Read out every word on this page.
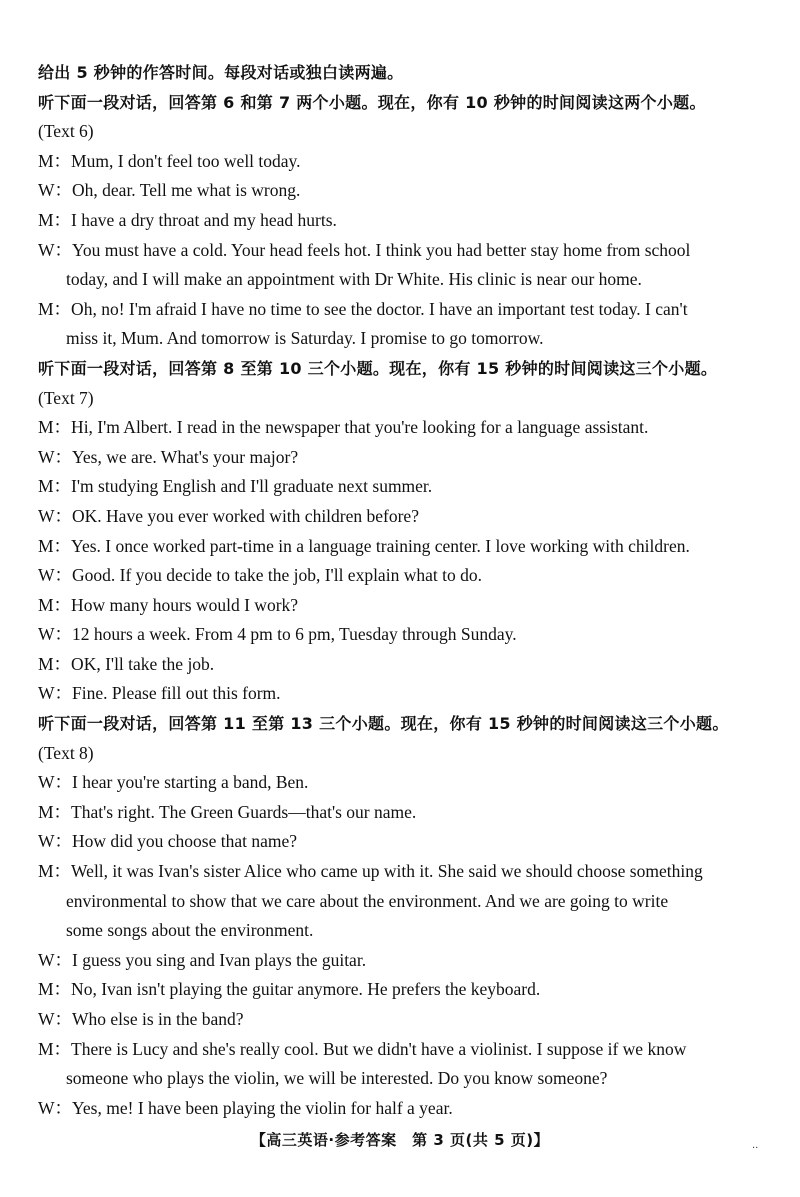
给出 5 秒钟的作答时间。每段对话或独白读两遍。
听下面一段对话，回答第 6 和第 7 两个小题。现在，你有 10 秒钟的时间阅读这两个小题。
(Text 6)
M：Mum, I don't feel too well today.
W：Oh, dear. Tell me what is wrong.
M：I have a dry throat and my head hurts.
W：You must have a cold. Your head feels hot. I think you had better stay home from school
today, and I will make an appointment with Dr White. His clinic is near our home.
M：Oh, no! I'm afraid I have no time to see the doctor. I have an important test today. I can't
miss it, Mum. And tomorrow is Saturday. I promise to go tomorrow.
听下面一段对话，回答第 8 至第 10 三个小题。现在，你有 15 秒钟的时间阅读这三个小题。
(Text 7)
M：Hi, I'm Albert. I read in the newspaper that you're looking for a language assistant.
W：Yes, we are. What's your major?
M：I'm studying English and I'll graduate next summer.
W：OK. Have you ever worked with children before?
M：Yes. I once worked part-time in a language training center. I love working with children.
W：Good. If you decide to take the job, I'll explain what to do.
M：How many hours would I work?
W：12 hours a week. From 4 pm to 6 pm, Tuesday through Sunday.
M：OK, I'll take the job.
W：Fine. Please fill out this form.
听下面一段对话，回答第 11 至第 13 三个小题。现在，你有 15 秒钟的时间阅读这三个小题。
(Text 8)
W：I hear you're starting a band, Ben.
M：That's right. The Green Guards—that's our name.
W：How did you choose that name?
M：Well, it was Ivan's sister Alice who came up with it. She said we should choose something
environmental to show that we care about the environment. And we are going to write
some songs about the environment.
W：I guess you sing and Ivan plays the guitar.
M：No, Ivan isn't playing the guitar anymore. He prefers the keyboard.
W：Who else is in the band?
M：There is Lucy and she's really cool. But we didn't have a violinist. I suppose if we know
someone who plays the violin, we will be interested. Do you know someone?
W：Yes, me! I have been playing the violin for half a year.
【高三英语·参考答案　第 3 页(共 5 页)】	..
